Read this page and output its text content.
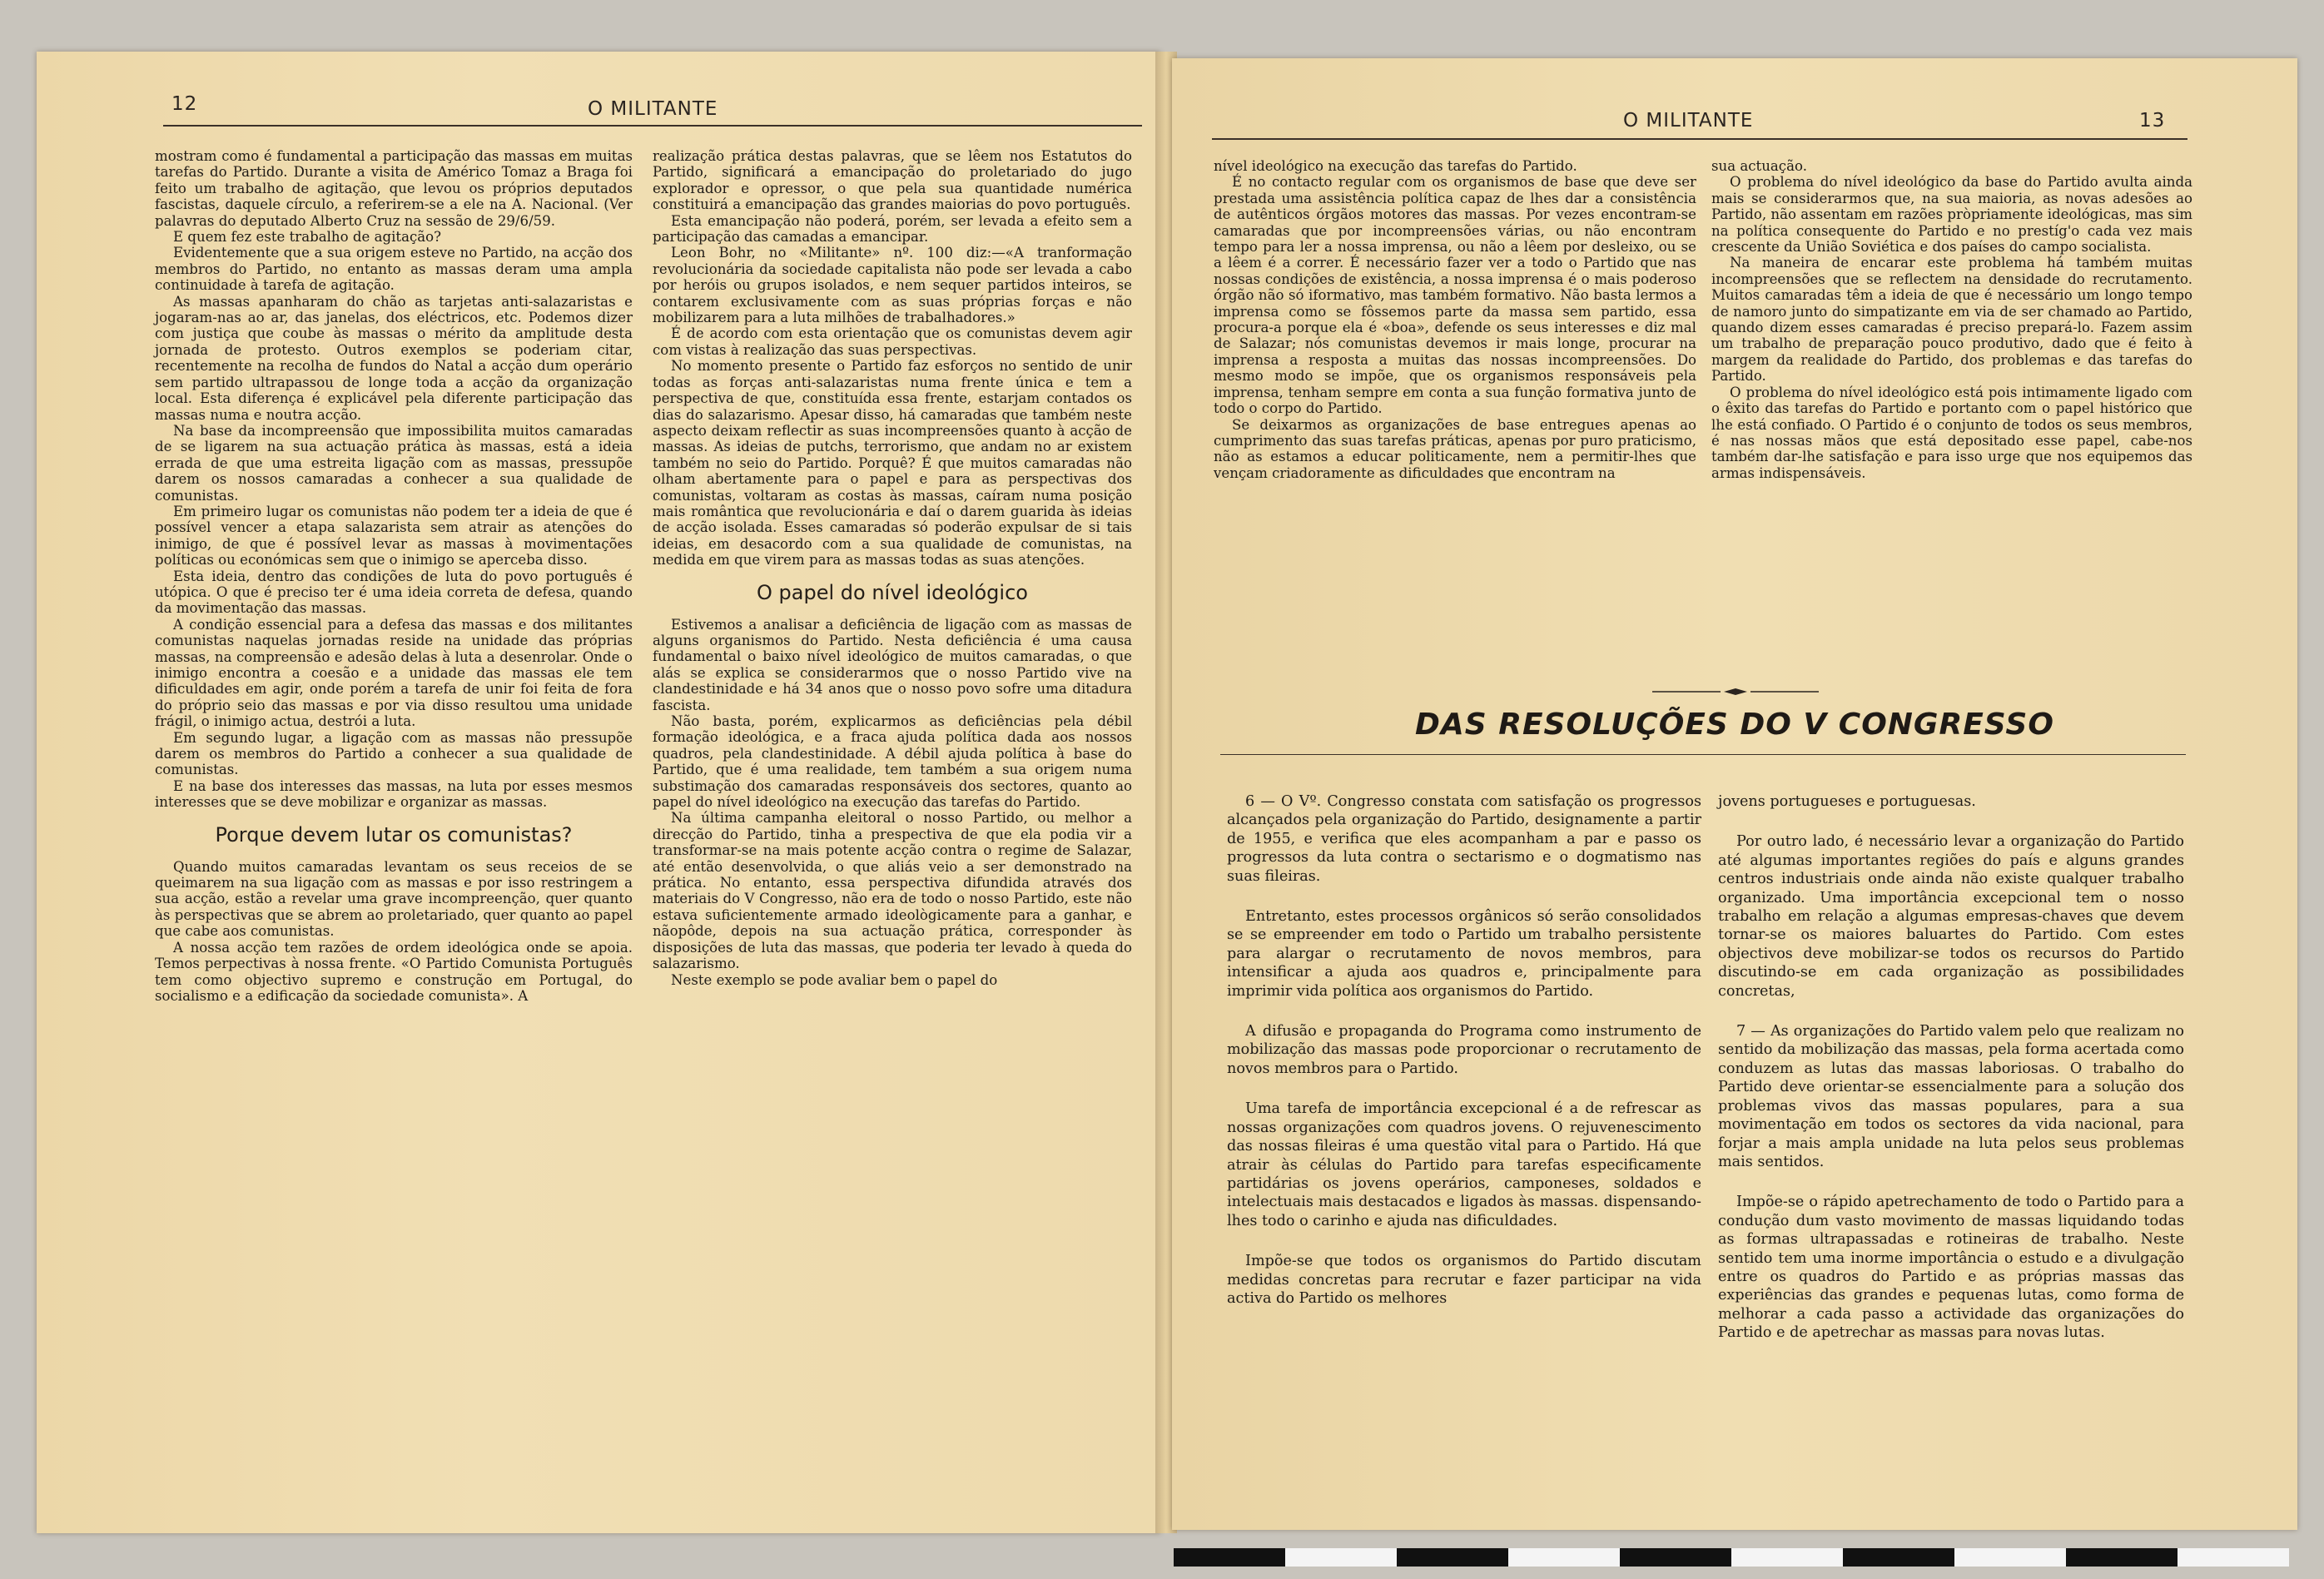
12	O MILITANTE
O MILITANTE	13

mostram como é fundamental a participação das massas em muitas tarefas do Partido. Durante a visita de Américo Tomaz a Braga foi feito um trabalho de agitação, que levou os próprios deputados fascistas, daquele círculo, a referirem-se a ele na A. Nacional. (Ver palavras do deputado Alberto Cruz na sessão de 29/6/59.

E quem fez este trabalho de agitação?

Evidentemente que a sua origem esteve no Partido, na acção dos membros do Partido, no entanto as massas deram uma ampla continuidade à tarefa de agitação.

As massas apanharam do chão as tarjetas anti-salazaristas e jogaram-nas ao ar, das janelas, dos eléctricos, etc. Podemos dizer com justiça que coube às massas o mérito da amplitude desta jornada de protesto. Outros exemplos se poderiam citar, recentemente na recolha de fundos do Natal a acção dum operário sem partido ultrapassou de longe toda a acção da organização local. Esta diferença é explicável pela diferente participação das massas numa e noutra acção.

Na base da incompreensão que impossibilita muitos camaradas de se ligarem na sua actuação prática às massas, está a ideia errada de que uma estreita ligação com as massas, pressupõe darem os nossos camaradas a conhecer a sua qualidade de comunistas.

Em primeiro lugar os comunistas não podem ter a ideia de que é possível vencer a etapa salazarista sem atrair as atenções do inimigo, de que é possível levar as massas à movimentações políticas ou económicas sem que o inimigo se aperceba disso.

Esta ideia, dentro das condições de luta do povo português é utópica. O que é preciso ter é uma ideia correta de defesa, quando da movimentação das massas.

A condição essencial para a defesa das massas e dos militantes comunistas naquelas jornadas reside na unidade das próprias massas, na compreensão e adesão delas à luta a desenrolar. Onde o inimigo encontra a coesão e a unidade das massas ele tem dificuldades em agir, onde porém a tarefa de unir foi feita de fora do próprio seio das massas e por via disso resultou uma unidade frágil, o inimigo actua, destrói a luta.

Em segundo lugar, a ligação com as massas não pressupõe darem os membros do Partido a conhecer a sua qualidade de comunistas.

E na base dos interesses das massas, na luta por esses mesmos interesses que se deve mobilizar e organizar as massas.

Porque devem lutar os comunistas?

Quando muitos camaradas levantam os seus receios de se queimarem na sua ligação com as massas e por isso restringem a sua acção, estão a revelar uma grave incompreenção, quer quanto às perspectivas que se abrem ao proletariado, quer quanto ao papel que cabe aos comunistas.

A nossa acção tem razões de ordem ideológica onde se apoia. Temos perpectivas à nossa frente. «O Partido Comunista Português tem como objectivo supremo e construção em Portugal, do socialismo e a edificação da sociedade comunista». A

realização prática destas palavras, que se lêem nos Estatutos do Partido, significará a emancipação do proletariado do jugo explorador e opressor, o que pela sua quantidade numérica constituirá a emancipação das grandes maiorias do povo português.

Esta emancipação não poderá, porém, ser levada a efeito sem a participação das camadas a emancipar.

Leon Bohr, no «Militante» nº. 100 diz:—«A tranformação revolucionária da sociedade capitalista não pode ser levada a cabo por heróis ou grupos isolados, e nem sequer partidos inteiros, se contarem exclusivamente com as suas próprias forças e não mobilizarem para a luta milhões de trabalhadores.»

É de acordo com esta orientação que os comunistas devem agir com vistas à realização das suas perspectivas.

No momento presente o Partido faz esforços no sentido de unir todas as forças anti-salazaristas numa frente única e tem a perspectiva de que, constituída essa frente, estarjam contados os dias do salazarismo. Apesar disso, há camaradas que também neste aspecto deixam reflectir as suas incompreensões quanto à acção de massas. As ideias de putchs, terrorismo, que andam no ar existem também no seio do Partido. Porquê? É que muitos camaradas não olham abertamente para o papel e para as perspectivas dos comunistas, voltaram as costas às massas, caíram numa posição mais romântica que revolucionária e daí o darem guarida às ideias de acção isolada. Esses camaradas só poderão expulsar de si tais ideias, em desacordo com a sua qualidade de comunistas, na medida em que virem para as massas todas as suas atenções.

O papel do nível ideológico

Estivemos a analisar a deficiência de ligação com as massas de alguns organismos do Partido. Nesta deficiência é uma causa fundamental o baixo nível ideológico de muitos camaradas, o que alás se explica se considerarmos que o nosso Partido vive na clandestinidade e há 34 anos que o nosso povo sofre uma ditadura fascista.

Não basta, porém, explicarmos as deficiências pela débil formação ideológica, e a fraca ajuda política dada aos nossos quadros, pela clandestinidade. A débil ajuda política à base do Partido, que é uma realidade, tem também a sua origem numa substimação dos camaradas responsáveis dos sectores, quanto ao papel do nível ideológico na execução das tarefas do Partido.

Na última campanha eleitoral o nosso Partido, ou melhor a direcção do Partido, tinha a prespectiva de que ela podia vir a transformar-se na mais potente acção contra o regime de Salazar, até então desenvolvida, o que aliás veio a ser demonstrado na prática. No entanto, essa perspectiva difundida através dos materiais do V Congresso, não era de todo o nosso Partido, este não estava suficientemente armado ideològicamente para a ganhar, e nãopôde, depois na sua actuação prática, corresponder às disposições de luta das massas, que poderia ter levado à queda do salazarismo.

Neste exemplo se pode avaliar bem o papel do

nível ideológico na execução das tarefas do Partido.

É no contacto regular com os organismos de base que deve ser prestada uma assistência política capaz de lhes dar a consistência de autênticos órgãos motores das massas. Por vezes encontram-se camaradas que por incompreensões várias, ou não encontram tempo para ler a nossa imprensa, ou não a lêem por desleixo, ou se a lêem é a correr. É necessário fazer ver a todo o Partido que nas nossas condições de existência, a nossa imprensa é o mais poderoso órgão não só iformativo, mas também formativo. Não basta lermos a imprensa como se fôssemos parte da massa sem partido, essa procura-a porque ela é «boa», defende os seus interesses e diz mal de Salazar; nós comunistas devemos ir mais longe, procurar na imprensa a resposta a muitas das nossas incompreensões. Do mesmo modo se impõe, que os organismos responsáveis pela imprensa, tenham sempre em conta a sua função formativa junto de todo o corpo do Partido.

Se deixarmos as organizações de base entregues apenas ao cumprimento das suas tarefas práticas, apenas por puro praticismo, não as estamos a educar politicamente, nem a permitir-lhes que vençam criadoramente as dificuldades que encontram na

sua actuação.

O problema do nível ideológico da base do Partido avulta ainda mais se considerarmos que, na sua maioria, as novas adesões ao Partido, não assentam em razões pròpriamente ideológicas, mas sim na política consequente do Partido e no prestíg'o cada vez mais crescente da União Soviética e dos países do campo socialista.

Na maneira de encarar este problema há também muitas incompreensões que se reflectem na densidade do recrutamento. Muitos camaradas têm a ideia de que é necessário um longo tempo de namoro junto do simpatizante em via de ser chamado ao Partido, quando dizem esses camaradas é preciso prepará-lo. Fazem assim um trabalho de preparação pouco produtivo, dado que é feito à margem da realidade do Partido, dos problemas e das tarefas do Partido.

O problema do nível ideológico está pois intimamente ligado com o êxito das tarefas do Partido e portanto com o papel histórico que lhe está confiado. O Partido é o conjunto de todos os seus membros, é nas nossas mãos que está depositado esse papel, cabe-nos também dar-lhe satisfação e para isso urge que nos equipemos das armas indispensáveis.

DAS RESOLUÇÕES DO V CONGRESSO

6 — O Vº. Congresso constata com satisfação os progressos alcançados pela organização do Partido, designamente a partir de 1955, e verifica que eles acompanham a par e passo os progressos da luta contra o sectarismo e o dogmatismo nas suas fileiras.

Entretanto, estes processos orgânicos só serão consolidados se se empreender em todo o Partido um trabalho persistente para alargar o recrutamento de novos membros, para intensificar a ajuda aos quadros e, principalmente para imprimir vida política aos organismos do Partido.

A difusão e propaganda do Programa como instrumento de mobilização das massas pode proporcionar o recrutamento de novos membros para o Partido.

Uma tarefa de importância excepcional é a de refrescar as nossas organizações com quadros jovens. O rejuvenescimento das nossas fileiras é uma questão vital para o Partido. Há que atrair às células do Partido para tarefas especificamente partidárias os jovens operários, camponeses, soldados e intelectuais mais destacados e ligados às massas. dispensando-lhes todo o carinho e ajuda nas dificuldades.

Impõe-se que todos os organismos do Partido discutam medidas concretas para recrutar e fazer participar na vida activa do Partido os melhores

jovens portugueses e portuguesas.

Por outro lado, é necessário levar a organização do Partido até algumas importantes regiões do país e alguns grandes centros industriais onde ainda não existe qualquer trabalho organizado. Uma importância excepcional tem o nosso trabalho em relação a algumas empresas-chaves que devem tornar-se os maiores baluartes do Partido. Com estes objectivos deve mobilizar-se todos os recursos do Partido discutindo-se em cada organização as possibilidades concretas,

7 — As organizações do Partido valem pelo que realizam no sentido da mobilização das massas, pela forma acertada como conduzem as lutas das massas laboriosas. O trabalho do Partido deve orientar-se essencialmente para a solução dos problemas vivos das massas populares, para a sua movimentação em todos os sectores da vida nacional, para forjar a mais ampla unidade na luta pelos seus problemas mais sentidos.

Impõe-se o rápido apetrechamento de todo o Partido para a condução dum vasto movimento de massas liquidando todas as formas ultrapassadas e rotineiras de trabalho. Neste sentido tem uma inorme importância o estudo e a divulgação entre os quadros do Partido e as próprias massas das experiências das grandes e pequenas lutas, como forma de melhorar a cada passo a actividade das organizações do Partido e de apetrechar as massas para novas lutas.
